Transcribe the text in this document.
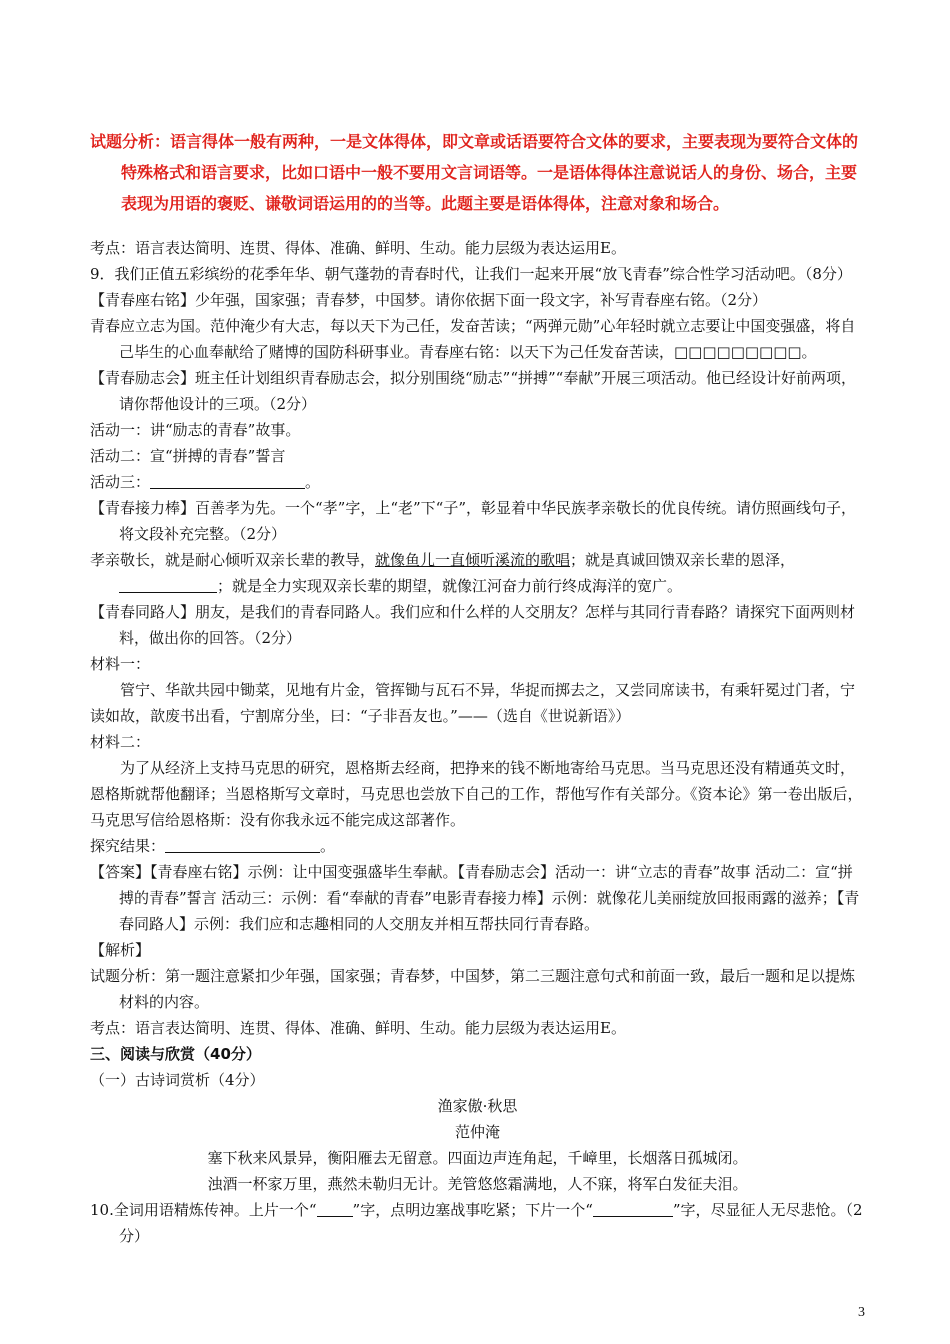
试题分析：语言得体一般有两种，一是文体得体，即文章或话语要符合文体的要求，主要表现为要符合文体的特殊格式和语言要求，比如口语中一般不要用文言词语等。一是语体得体注意说话人的身份、场合，主要表现为用语的褒贬、谦敬词语运用的的当等。此题主要是语体得体，注意对象和场合。

考点：语言表达简明、连贯、得体、准确、鲜明、生动。能力层级为表达运用E。

9．我们正值五彩缤纷的花季年华、朝气蓬勃的青春时代，让我们一起来开展“放飞青春”综合性学习活动吧。（8分）

【青春座右铭】少年强，国家强；青春梦，中国梦。请你依据下面一段文字，补写青春座右铭。（2分）

青春应立志为国。范仲淹少有大志，每以天下为己任，发奋苦读；“两弹元勋”心年轻时就立志要让中国变强盛，将自己毕生的心血奉献给了赌博的国防科研事业。青春座右铭：以天下为己任发奋苦读，□□□□□□□□□。

【青春励志会】班主任计划组织青春励志会，拟分别围绕“励志”“拼搏”“奉献”开展三项活动。他已经设计好前两项，请你帮他设计的三项。（2分）

活动一：讲“励志的青春”故事。

活动二：宣“拼搏的青春”誓言

活动三：	。

【青春接力棒】百善孝为先。一个“孝”字，上“老”下“子”，彰显着中华民族孝亲敬长的优良传统。请仿照画线句子，将文段补充完整。（2分）

孝亲敬长，就是耐心倾听双亲长辈的教导，就像鱼儿一直倾听溪流的歌唱；就是真诚回馈双亲长辈的恩泽，；就是全力实现双亲长辈的期望，就像江河奋力前行终成海洋的宽广。

【青春同路人】朋友，是我们的青春同路人。我们应和什么样的人交朋友？怎样与其同行青春路？请探究下面两则材料，做出你的回答。（2分）

材料一：

管宁、华歆共园中锄菜，见地有片金，管挥锄与瓦石不异，华捉而掷去之，又尝同席读书，有乘轩冕过门者，宁读如故，歆废书出看，宁割席分坐，曰：“子非吾友也。”——（选自《世说新语》）

材料二：

为了从经济上支持马克思的研究，恩格斯去经商，把挣来的钱不断地寄给马克思。当马克思还没有精通英文时，恩格斯就帮他翻译；当恩格斯写文章时，马克思也尝放下自己的工作，帮他写作有关部分。《资本论》第一卷出版后，马克思写信给恩格斯：没有你我永远不能完成这部著作。

探究结果：	。

【答案】【青春座右铭】示例：让中国变强盛毕生奉献。【青春励志会】活动一：讲“立志的青春”故事 活动二：宣“拼搏的青春”誓言 活动三：示例：看“奉献的青春”电影青春接力棒】示例：就像花儿美丽绽放回报雨露的滋养；【青春同路人】示例：我们应和志趣相同的人交朋友并相互帮扶同行青春路。

【解析】

试题分析：第一题注意紧扣少年强，国家强；青春梦，中国梦，第二三题注意句式和前面一致，最后一题和足以提炼材料的内容。

考点：语言表达简明、连贯、得体、准确、鲜明、生动。能力层级为表达运用E。

三、阅读与欣赏（40分）

（一）古诗词赏析（4分）

渔家傲·秋思

范仲淹

塞下秋来风景异，衡阳雁去无留意。四面边声连角起，千嶂里，长烟落日孤城闭。

浊酒一杯家万里，燕然未勒归无计。羌管悠悠霜满地，人不寐，将军白发征夫泪。

10.全词用语精炼传神。上片一个“ ”字，点明边塞战事吃紧；下片一个“	”字，尽显征人无尽悲怆。（2分）

3
